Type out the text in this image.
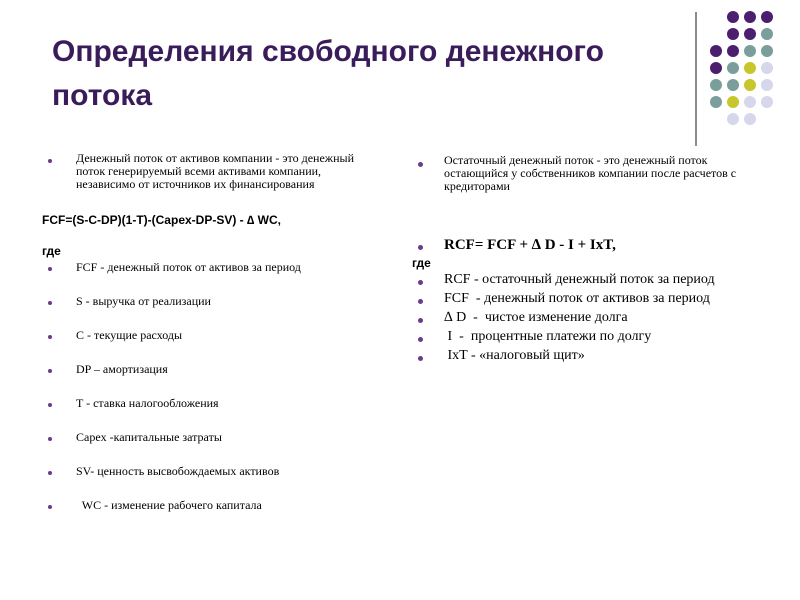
Определения свободного денежного потока
Денежный поток от активов компании - это денежный поток генерируемый всеми активами компании, независимо от источников их финансирования
FCF=(S-C-DP)(1-T)-(Capex-DP-SV) - ∆ WC,
где
FCF - денежный поток от активов за период
S - выручка от реализации
C - текущие расходы
DP – амортизация
T - ставка налогообложения
Capex -капитальные затраты
SV- ценность высвобождаемых активов
WC - изменение рабочего капитала
Остаточный денежный поток - это денежный поток остающийся у собственников компании после расчетов с кредиторами
RCF= FCF + ∆ D - I + IxT,
где
RCF - остаточный денежный поток за период
FCF  - денежный поток от активов за период
∆ D  -  чистое изменение долга
I  -  процентные платежи по долгу
IxT - «налоговый щит»
